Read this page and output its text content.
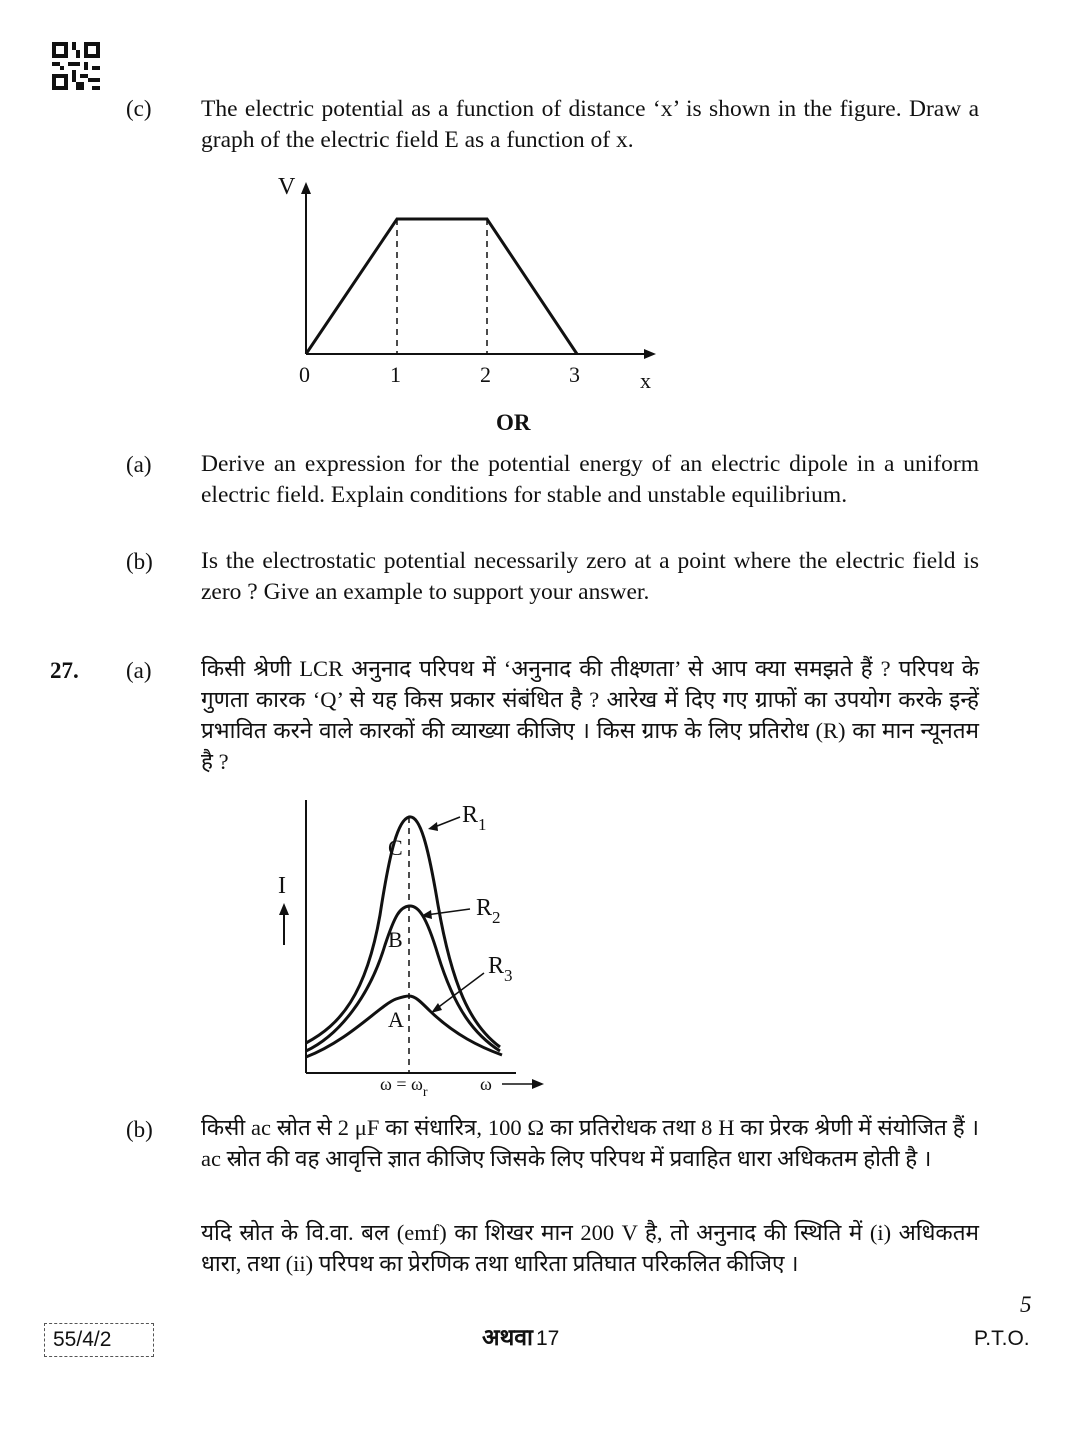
(c) The electric potential as a function of distance ‘x’ is shown in the figure. Draw a graph of the electric field E as a function of x.
V
x
0	1	2	3
OR
(a) Derive an expression for the potential energy of an electric dipole in a uniform electric field. Explain conditions for stable and unstable equilibrium.
(b) Is the electrostatic potential necessarily zero at a point where the electric field is zero ? Give an example to support your answer.
27. (a) किसी श्रेणी LCR अनुनाद परिपथ में ‘अनुनाद की तीक्ष्णता’ से आप क्या समझते हैं ? परिपथ के गुणता कारक ‘Q’ से यह किस प्रकार संबंधित है ? आरेख में दिए गए ग्राफों का उपयोग करके इन्हें प्रभावित करने वाले कारकों की व्याख्या कीजिए । किस ग्राफ के लिए प्रतिरोध (R) का मान न्यूनतम है ?
I
C
B
A
$R_1$
$R_2$
$R_3$
$\omega = \omega_r$	ω
(b) किसी ac स्रोत से 2 μF का संधारित्र, 100 Ω का प्रतिरोधक तथा 8 H का प्रेरक श्रेणी में संयोजित हैं । ac स्रोत की वह आवृत्ति ज्ञात कीजिए जिसके लिए परिपथ में प्रवाहित धारा अधिकतम होती है ।
यदि स्रोत के वि.वा. बल (emf) का शिखर मान 200 V है, तो अनुनाद की स्थिति में (i) अधिकतम धारा, तथा (ii) परिपथ का प्रेरणिक तथा धारिता प्रतिघात परिकलित कीजिए ।
5
अथवा
55/4/2	17	P.T.O.
